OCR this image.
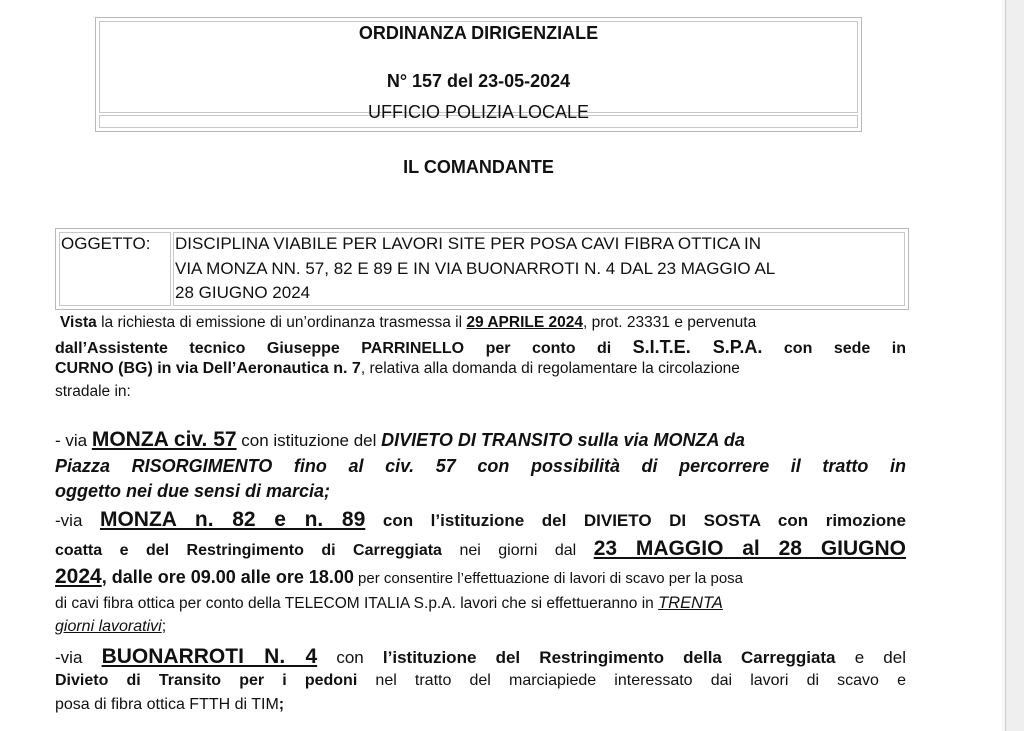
ORDINANZA DIRIGENZIALE
N° 157 del 23-05-2024
UFFICIO POLIZIA LOCALE
IL COMANDANTE
OGGETTO: DISCIPLINA VIABILE PER LAVORI SITE PER POSA CAVI FIBRA OTTICA IN
VIA MONZA NN. 57, 82 E 89 E IN VIA BUONARROTI N. 4 DAL 23 MAGGIO AL
28 GIUGNO 2024
Vista la richiesta di emissione di un’ordinanza trasmessa il 29 APRILE 2024, prot. 23331 e pervenuta
dall’Assistente tecnico Giuseppe PARRINELLO per conto di S.I.T.E. S.P.A. con sede in
CURNO (BG) in via Dell’Aeronautica n. 7, relativa alla domanda di regolamentare la circolazione
stradale in:
- via MONZA civ. 57 con istituzione del DIVIETO DI TRANSITO sulla via MONZA da
Piazza RISORGIMENTO fino al civ. 57 con possibilità di percorrere il tratto in
oggetto nei due sensi di marcia;
-via MONZA n. 82 e n. 89 con l’istituzione del DIVIETO DI SOSTA con rimozione
coatta e del Restringimento di Carreggiata nei giorni dal 23 MAGGIO al 28 GIUGNO
2024, dalle ore 09.00 alle ore 18.00 per consentire l’effettuazione di lavori di scavo per la posa
di cavi fibra ottica per conto della TELECOM ITALIA S.p.A. lavori che si effettueranno in TRENTA
giorni lavorativi;
-via BUONARROTI N. 4 con l’istituzione del Restringimento della Carreggiata e del
Divieto di Transito per i pedoni nel tratto del marciapiede interessato dai lavori di scavo e
posa di fibra ottica FTTH di TIM;
